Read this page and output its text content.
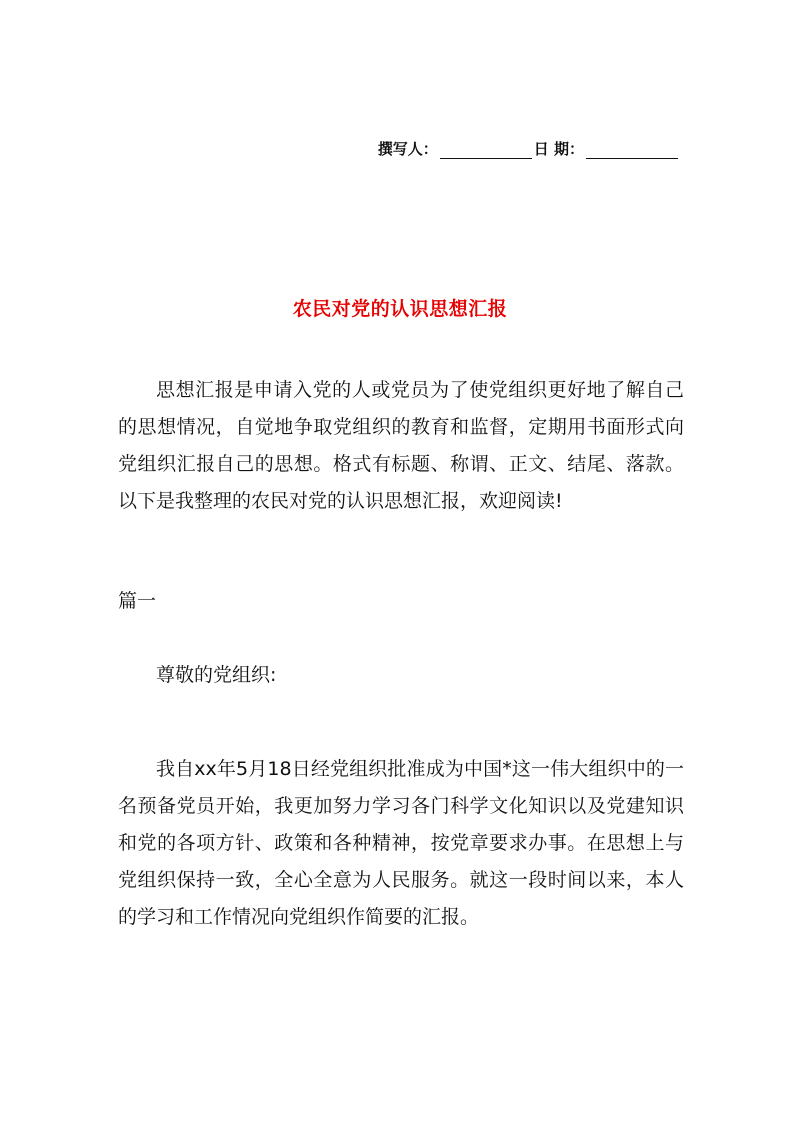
撰写人：	日 期：
农民对党的认识思想汇报
思想汇报是申请入党的人或党员为了使党组织更好地了解自己的思想情况，自觉地争取党组织的教育和监督，定期用书面形式向党组织汇报自己的思想。格式有标题、称谓、正文、结尾、落款。以下是我整理的农民对党的认识思想汇报，欢迎阅读!
篇一
尊敬的党组织:
我自xx年5月18日经党组织批准成为中国*这一伟大组织中的一名预备党员开始，我更加努力学习各门科学文化知识以及党建知识和党的各项方针、政策和各种精神，按党章要求办事。在思想上与党组织保持一致，全心全意为人民服务。就这一段时间以来，本人的学习和工作情况向党组织作简要的汇报。
